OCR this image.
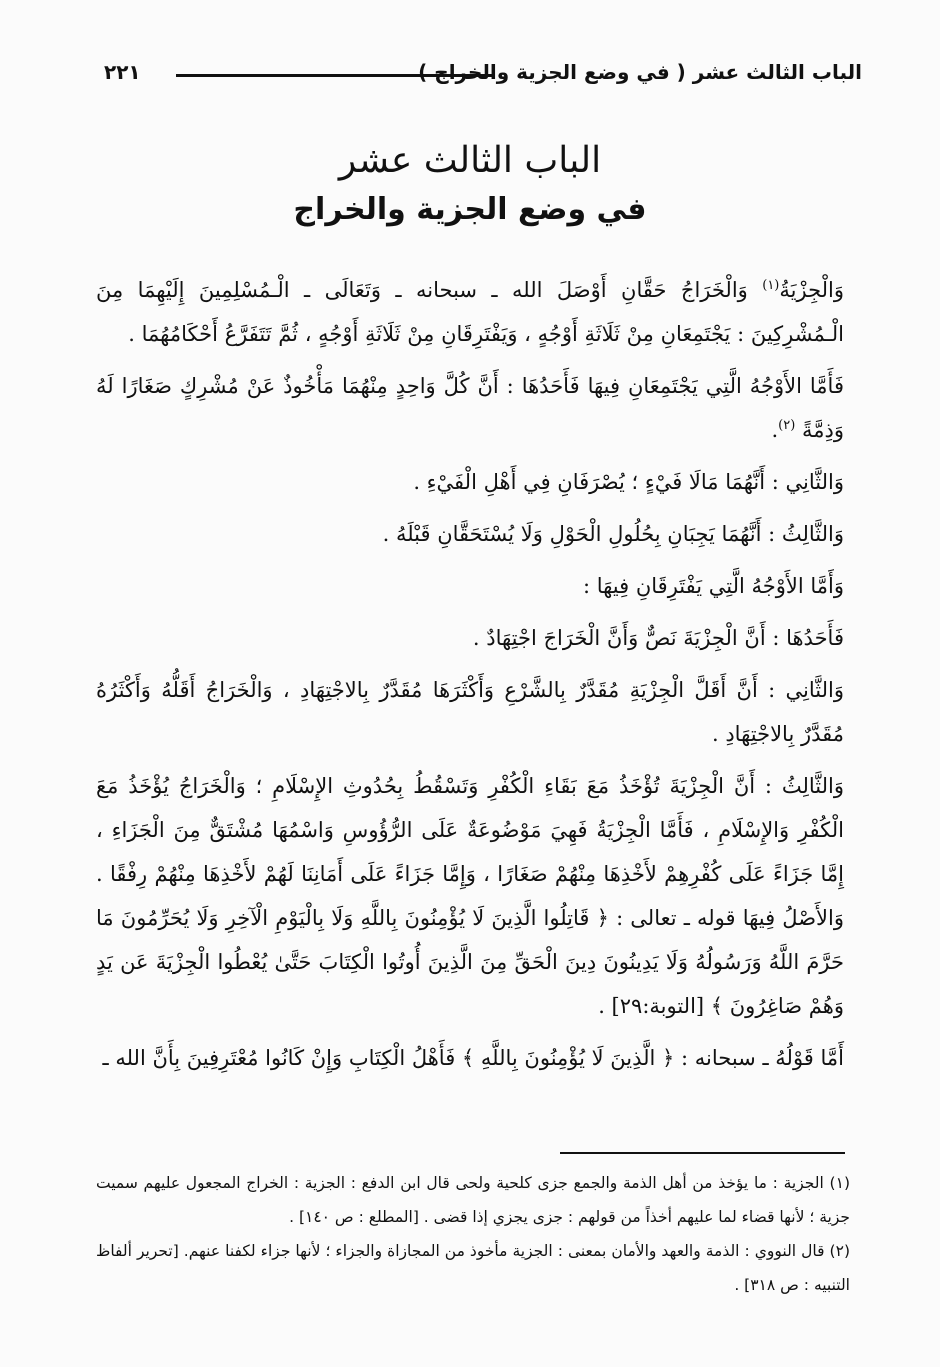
الباب الثالث عشر ( في وضع الجزية والخراج )
٢٢١
الباب الثالث عشر
في وضع الجزية والخراج

وَالْجِزْيَةُ$^{(١)}$ وَالْخَرَاجُ حَقَّانِ أَوْصَلَ الله ـ سبحانه ـ وَتَعَالَى ـ الْـمُسْلِمِينَ إِلَيْهِمَا مِنَ الْـمُشْرِكِينَ : يَجْتَمِعَانِ مِنْ ثَلَاثَةِ أَوْجُهٍ ، وَيَفْتَرِقَانِ مِنْ ثَلَاثَةِ أَوْجُهٍ ، ثُمَّ تَتَفَرَّعُ أَحْكَامُهُمَا .

فَأَمَّا الأَوْجُهُ الَّتِي يَجْتَمِعَانِ فِيهَا فَأَحَدُهَا : أَنَّ كُلَّ وَاحِدٍ مِنْهُمَا مَأْخُوذٌ عَنْ مُشْرِكٍ صَغَارًا لَهُ وَذِمَّةً $^{(٢)}$.

وَالثَّانِي : أَنَّهُمَا مَالَا فَيْءٍ ؛ يُصْرَفَانِ فِي أَهْلِ الْفَيْءِ .

وَالثَّالِثُ : أَنَّهُمَا يَجِبَانِ بِحُلُولِ الْحَوْلِ وَلَا يُسْتَحَقَّانِ قَبْلَهُ .

وَأَمَّا الأَوْجُهُ الَّتِي يَفْتَرِقَانِ فِيهَا :

فَأَحَدُهَا : أَنَّ الْجِزْيَةَ نَصٌّ وَأَنَّ الْخَرَاجَ اجْتِهَادٌ .

وَالثَّانِي : أَنَّ أَقَلَّ الْجِزْيَةِ مُقَدَّرٌ بِالشَّرْعِ وَأَكْثَرَهَا مُقَدَّرٌ بِالاجْتِهَادِ ، وَالْخَرَاجُ أَقَلُّهُ وَأَكْثَرُهُ مُقَدَّرٌ بِالاجْتِهَادِ .

وَالثَّالِثُ : أَنَّ الْجِزْيَةَ تُؤْخَذُ مَعَ بَقَاءِ الْكُفْرِ وَتَسْقُطُ بِحُدُوثِ الإِسْلَامِ ؛ وَالْخَرَاجُ يُؤْخَذُ مَعَ الْكُفْرِ وَالإِسْلَامِ ، فَأَمَّا الْجِزْيَةُ فَهِيَ مَوْضُوعَةٌ عَلَى الرُّؤُوسِ وَاسْمُهَا مُشْتَقٌّ مِنَ الْجَزَاءِ ، إِمَّا جَزَاءً عَلَى كُفْرِهِمْ لأَخْذِهَا مِنْهُمْ صَغَارًا ، وَإِمَّا جَزَاءً عَلَى أَمَانِنَا لَهُمْ لأَخْذِهَا مِنْهُمْ رِفْقًا . وَالأَصْلُ فِيهَا قوله ـ تعالى : ﴿ قَاتِلُوا الَّذِينَ لَا يُؤْمِنُونَ بِاللَّهِ وَلَا بِالْيَوْمِ الْآخِرِ وَلَا يُحَرِّمُونَ مَا حَرَّمَ اللَّهُ وَرَسُولُهُ وَلَا يَدِينُونَ دِينَ الْحَقِّ مِنَ الَّذِينَ أُوتُوا الْكِتَابَ حَتَّىٰ يُعْطُوا الْجِزْيَةَ عَن يَدٍ وَهُمْ صَاغِرُونَ ﴾ [التوبة:٢٩] .

أَمَّا قَوْلُهُ ـ سبحانه : ﴿ الَّذِينَ لَا يُؤْمِنُونَ بِاللَّهِ ﴾ فَأَهْلُ الْكِتَابِ وَإِنْ كَانُوا مُعْتَرِفِينَ بِأَنَّ الله ـ

(١) الجزية : ما يؤخذ من أهل الذمة والجمع جزى كلحية ولحى قال ابن الدفع : الجزية : الخراج المجعول عليهم سميت جزية ؛ لأنها قضاء لما عليهم أخذاً من قولهم : جزى يجزي إذا قضى . [المطلع : ص ١٤٠] .

(٢) قال النووي : الذمة والعهد والأمان بمعنى : الجزية مأخوذ من المجازاة والجزاء ؛ لأنها جزاء لكفنا عنهم. [تحرير ألفاظ التنبيه : ص ٣١٨] .
